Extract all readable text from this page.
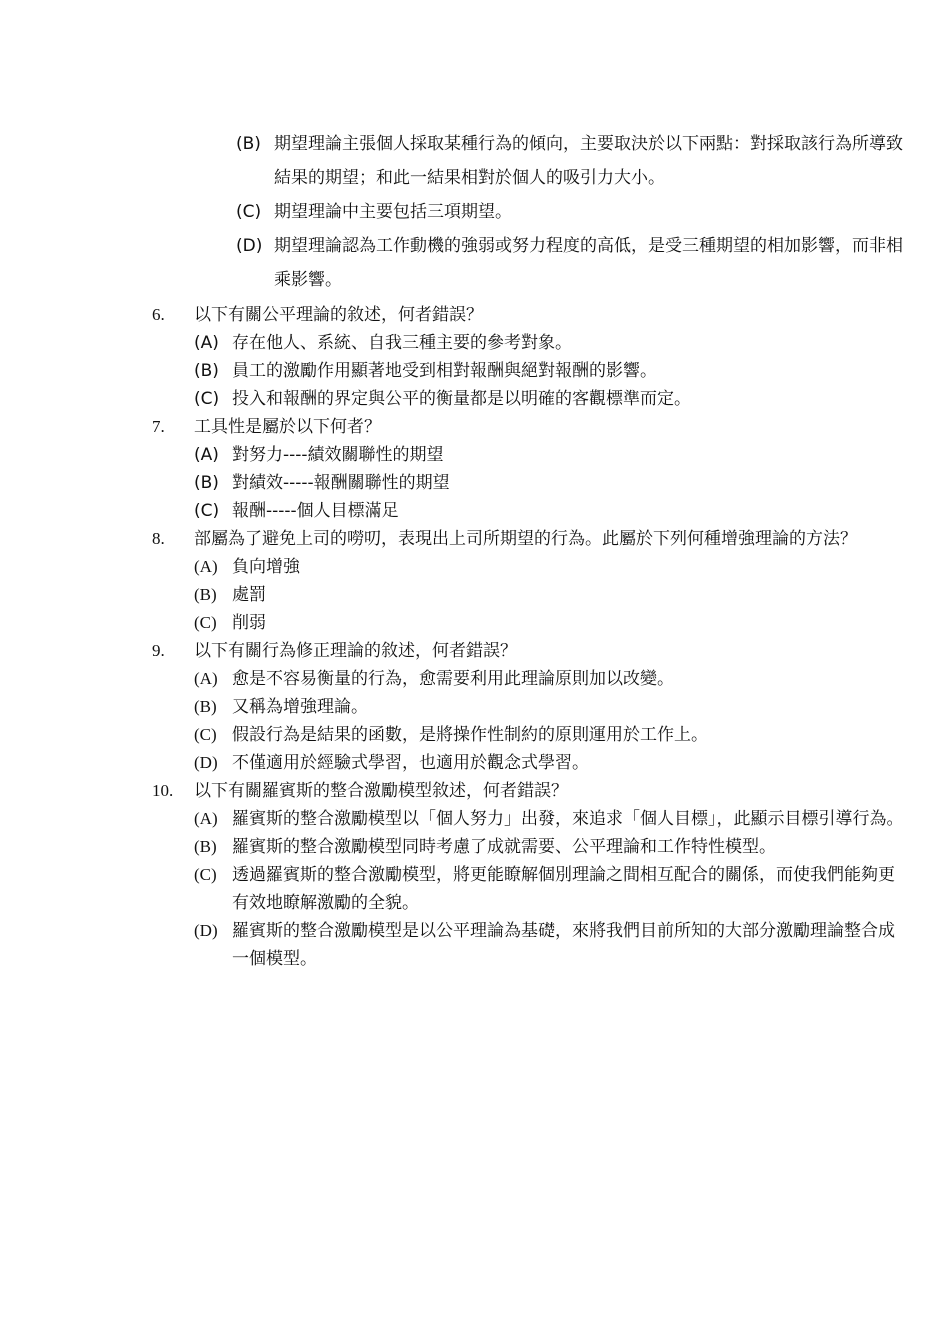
(B) 期望理論主張個人採取某種行為的傾向，主要取決於以下兩點：對採取該行為所導致結果的期望；和此一結果相對於個人的吸引力大小。
(C) 期望理論中主要包括三項期望。
(D) 期望理論認為工作動機的強弱或努力程度的高低，是受三種期望的相加影響，而非相乘影響。
6.	以下有關公平理論的敘述，何者錯誤？
(A) 存在他人、系統、自我三種主要的參考對象。
(B) 員工的激勵作用顯著地受到相對報酬與絕對報酬的影響。
(C) 投入和報酬的界定與公平的衡量都是以明確的客觀標準而定。
7.	工具性是屬於以下何者？
(A) 對努力----績效關聯性的期望
(B) 對績效-----報酬關聯性的期望
(C) 報酬-----個人目標滿足
8.	部屬為了避免上司的嘮叨，表現出上司所期望的行為。此屬於下列何種增強理論的方法？
(A) 負向增強
(B) 處罰
(C) 削弱
9.	以下有關行為修正理論的敘述，何者錯誤？
(A) 愈是不容易衡量的行為，愈需要利用此理論原則加以改變。
(B) 又稱為增強理論。
(C) 假設行為是結果的函數，是將操作性制約的原則運用於工作上。
(D) 不僅適用於經驗式學習，也適用於觀念式學習。
10.	以下有關羅賓斯的整合激勵模型敘述，何者錯誤？
(A) 羅賓斯的整合激勵模型以「個人努力」出發，來追求「個人目標」，此顯示目標引導行為。
(B) 羅賓斯的整合激勵模型同時考慮了成就需要、公平理論和工作特性模型。
(C) 透過羅賓斯的整合激勵模型，將更能瞭解個別理論之間相互配合的關係，而使我們能夠更有效地瞭解激勵的全貌。
(D) 羅賓斯的整合激勵模型是以公平理論為基礎，來將我們目前所知的大部分激勵理論整合成一個模型。
